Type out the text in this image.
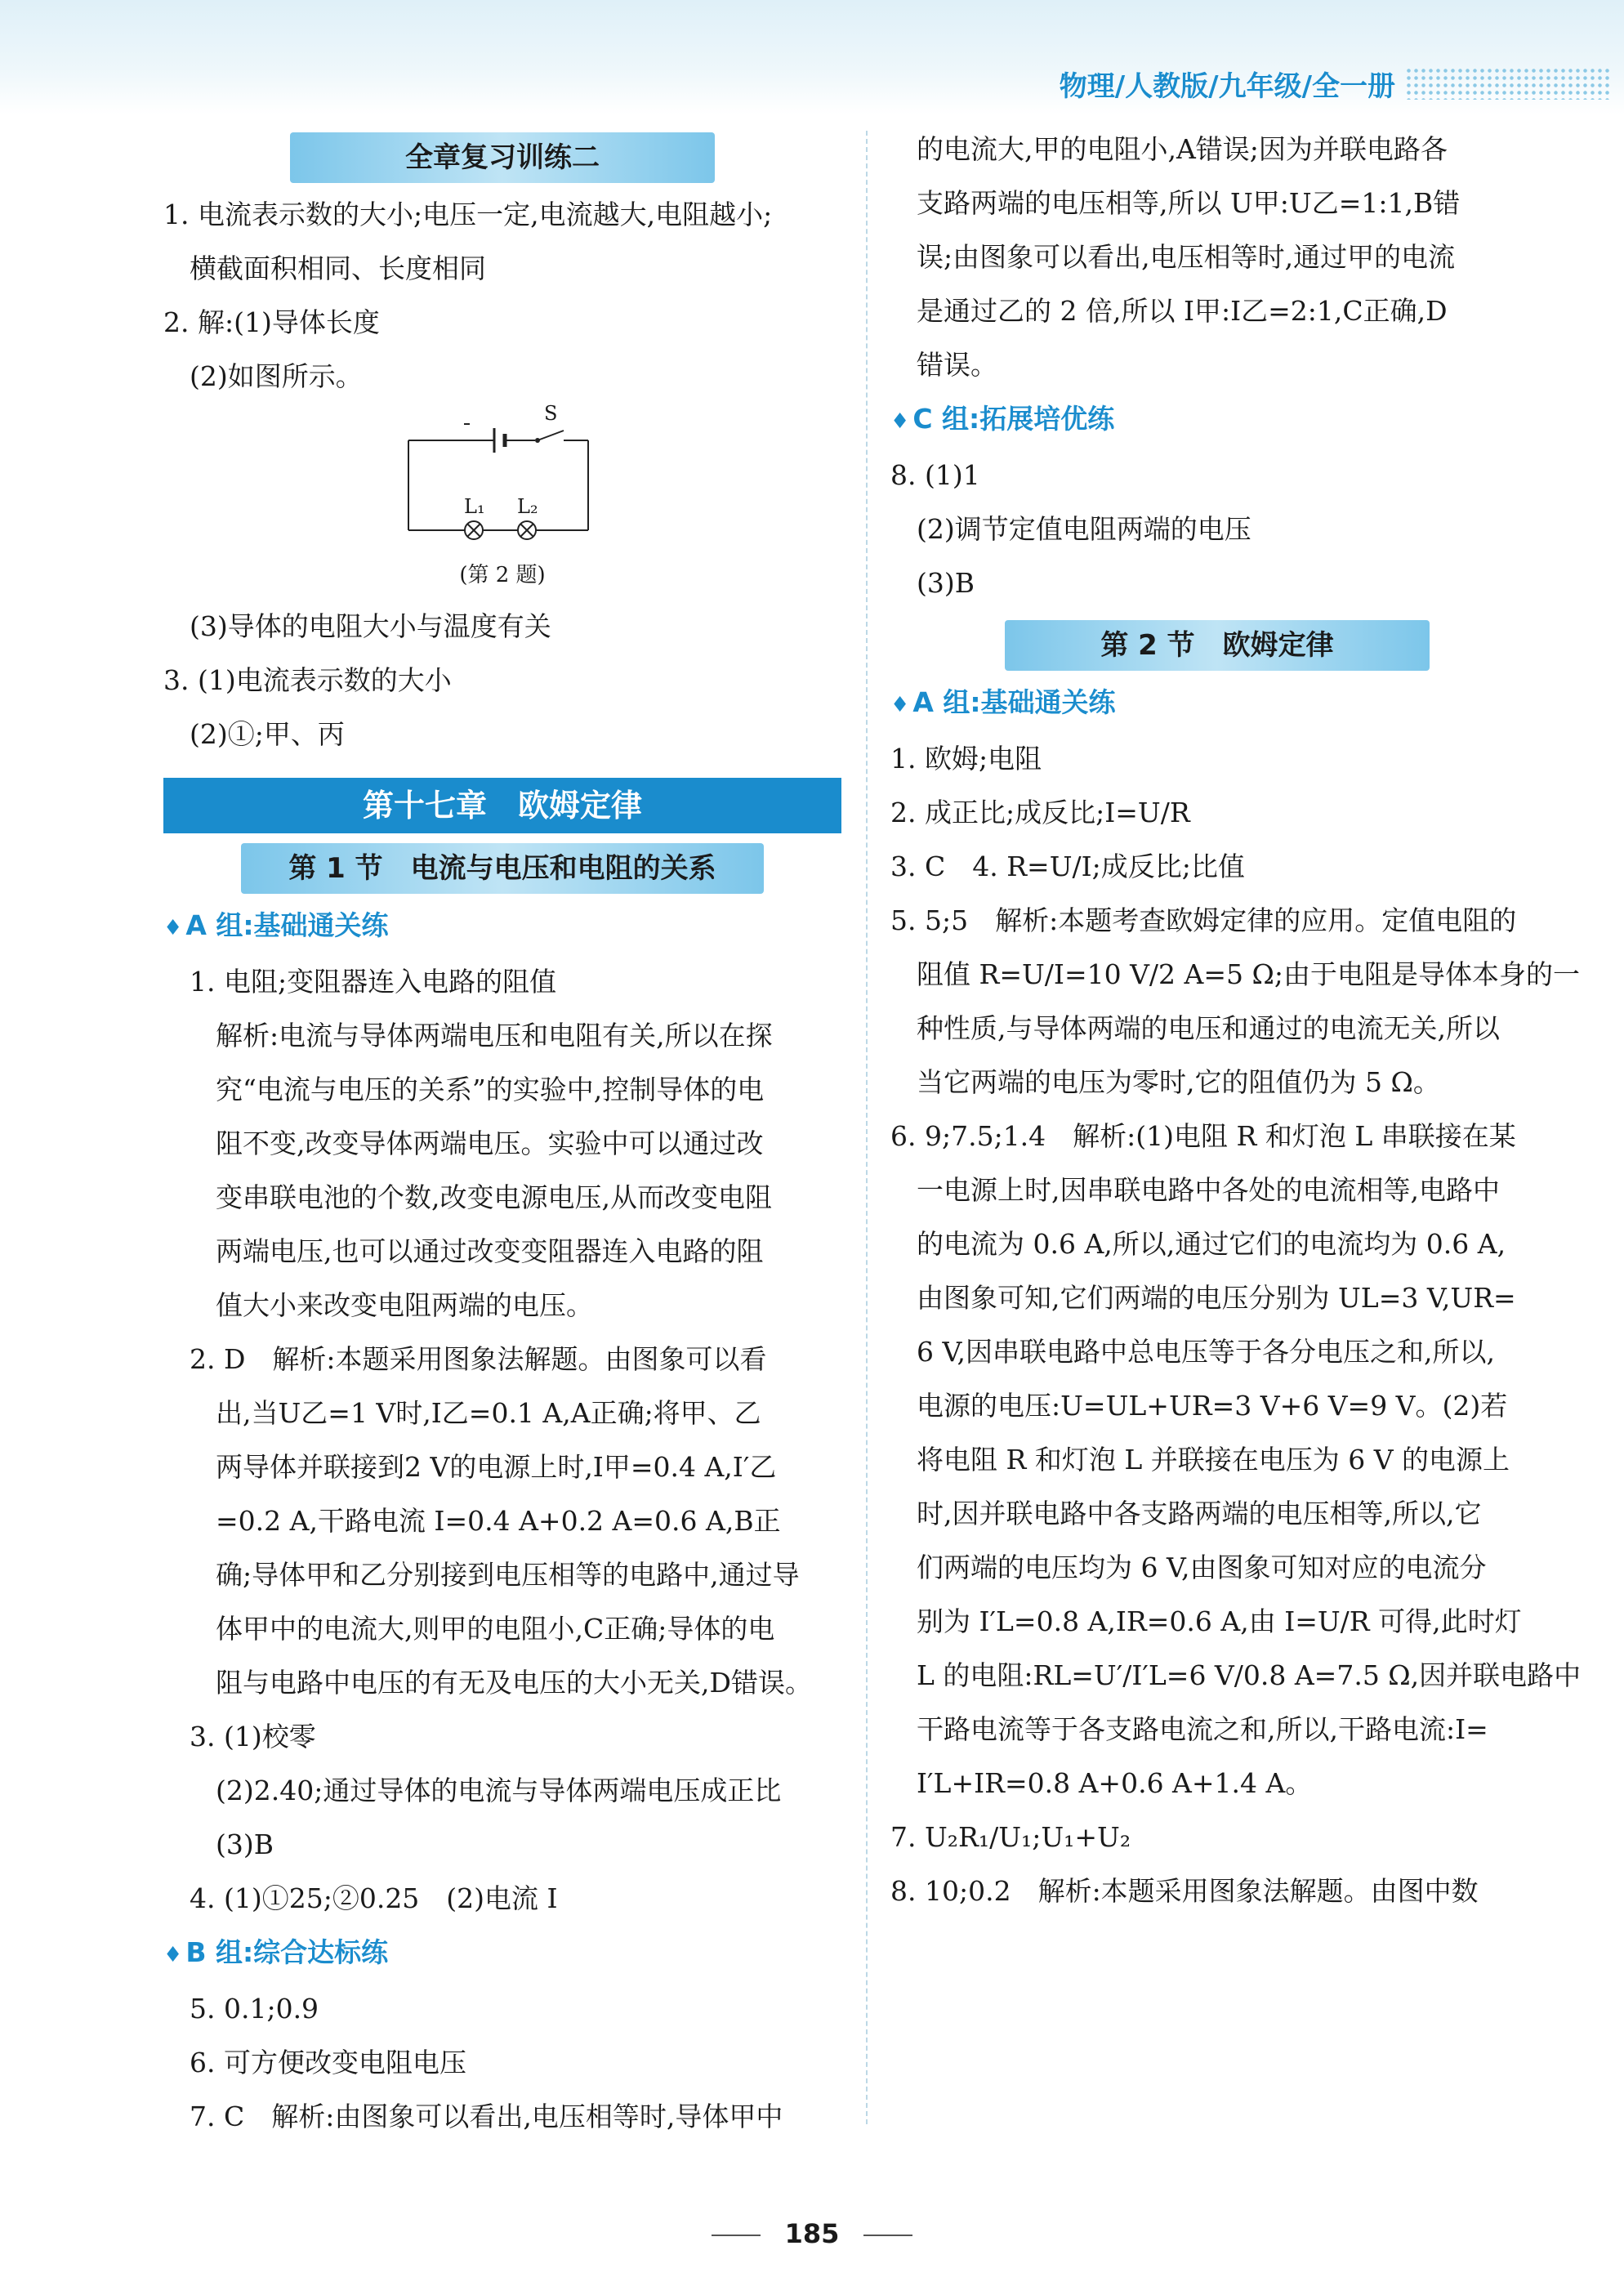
物理/人教版/九年级/全一册
全章复习训练二
1. 电流表示数的大小;电压一定,电流越大,电阻越小;
横截面积相同、长度相同
2. 解:(1)导体长度
(2)如图所示。
S
L₁ L₂
(第 2 题)
(3)导体的电阻大小与温度有关
3. (1)电流表示数的大小
(2)①;甲、丙
第十七章　欧姆定律
第 1 节　电流与电压和电阻的关系
♦ A 组:基础通关练
1. 电阻;变阻器连入电路的阻值
解析:电流与导体两端电压和电阻有关,所以在探
究“电流与电压的关系”的实验中,控制导体的电
阻不变,改变导体两端电压。实验中可以通过改
变串联电池的个数,改变电源电压,从而改变电阻
两端电压,也可以通过改变变阻器连入电路的阻
值大小来改变电阻两端的电压。
2. D　解析:本题采用图象法解题。由图象可以看
出,当U乙=1 V时,I乙=0.1 A,A正确;将甲、乙
两导体并联接到2 V的电源上时,I甲=0.4 A,I′乙
=0.2 A,干路电流 I=0.4 A+0.2 A=0.6 A,B正
确;导体甲和乙分别接到电压相等的电路中,通过导
体甲中的电流大,则甲的电阻小,C正确;导体的电
阻与电路中电压的有无及电压的大小无关,D错误。
3. (1)校零
(2)2.40;通过导体的电流与导体两端电压成正比
(3)B
4. (1)①25;②0.25　(2)电流 I
♦ B 组:综合达标练
5. 0.1;0.9
6. 可方便改变电阻电压
7. C　解析:由图象可以看出,电压相等时,导体甲中
的电流大,甲的电阻小,A错误;因为并联电路各
支路两端的电压相等,所以 U甲:U乙=1:1,B错
误;由图象可以看出,电压相等时,通过甲的电流
是通过乙的 2 倍,所以 I甲:I乙=2:1,C正确,D
错误。
♦ C 组:拓展培优练
8. (1)1
(2)调节定值电阻两端的电压
(3)B
第 2 节　欧姆定律
♦ A 组:基础通关练
1. 欧姆;电阻
2. 成正比;成反比;I=U/R
3. C　4. R=U/I;成反比;比值
5. 5;5　解析:本题考查欧姆定律的应用。定值电阻的
阻值 R=U/I=10 V/2 A=5 Ω;由于电阻是导体本身的一
种性质,与导体两端的电压和通过的电流无关,所以
当它两端的电压为零时,它的阻值仍为 5 Ω。
6. 9;7.5;1.4　解析:(1)电阻 R 和灯泡 L 串联接在某
一电源上时,因串联电路中各处的电流相等,电路中
的电流为 0.6 A,所以,通过它们的电流均为 0.6 A,
由图象可知,它们两端的电压分别为 UL=3 V,UR=
6 V,因串联电路中总电压等于各分电压之和,所以,
电源的电压:U=UL+UR=3 V+6 V=9 V。(2)若
将电阻 R 和灯泡 L 并联接在电压为 6 V 的电源上
时,因并联电路中各支路两端的电压相等,所以,它
们两端的电压均为 6 V,由图象可知对应的电流分
别为 I′L=0.8 A,IR=0.6 A,由 I=U/R 可得,此时灯
L 的电阻:RL=U′/I′L=6 V/0.8 A=7.5 Ω,因并联电路中
干路电流等于各支路电流之和,所以,干路电流:I=
I′L+IR=0.8 A+0.6 A+1.4 A。
7. U₂R₁/U₁;U₁+U₂
8. 10;0.2　解析:本题采用图象法解题。由图中数
185
